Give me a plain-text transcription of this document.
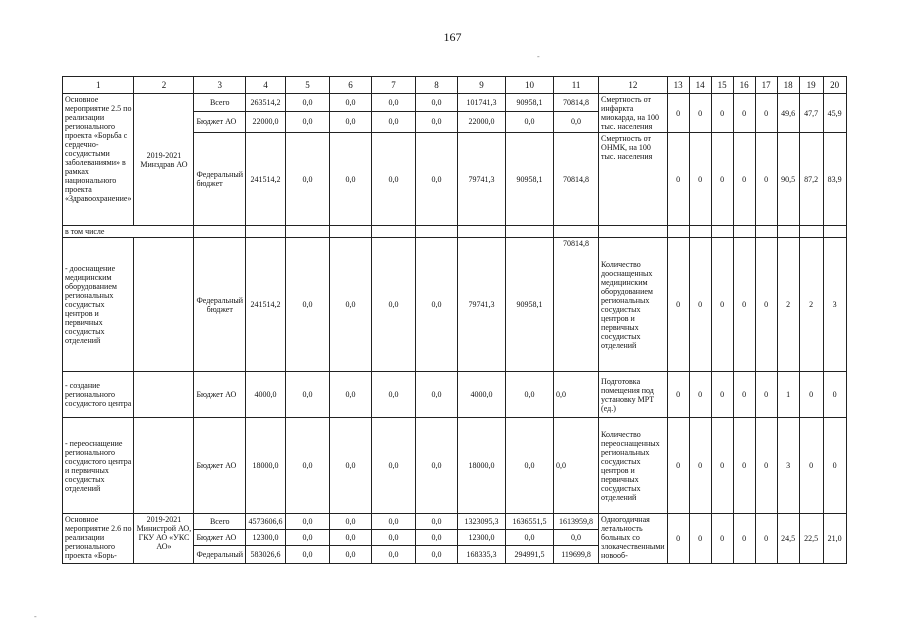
167
1	2	3	4	5	6	7	8	9	10	11	12	13	14	15	16	17	18	19	20
Основное мероприятие 2.5 по реализации регионального проекта «Борьба с сердечно-сосудистыми заболеваниями» в рамках национального проекта «Здравоохранение»	2019-2021 Минздрав АО	Всего	263514,2	0,0	0,0	0,0	0,0	101741,3	90958,1	70814,8	Смертность от инфаркта миокарда, на 100 тыс. населения	0	0	0	0	0	49,6	47,7	45,9
		Бюджет АО	22000,0	0,0	0,0	0,0	0,0	22000,0	0,0	0,0									
		Федеральный бюджет	241514,2	0,0	0,0	0,0	0,0	79741,3	90958,1	70814,8	Смертность от ОНМК, на 100 тыс. населения	0	0	0	0	0	90,5	87,2	83,9
в том числе																			
- дооснащение медицинским оборудованием региональных сосудистых центров и первичных сосудистых отделений		Федеральный бюджет	241514,2	0,0	0,0	0,0	0,0	79741,3	90958,1	70814,8	Количество дооснащенных медицинским оборудованием региональных сосудистых центров и первичных сосудистых отделений	0	0	0	0	0	2	2	3
- создание регионального сосудистого центра		Бюджет АО	4000,0	0,0	0,0	0,0	0,0	4000,0	0,0	0,0	Подготовка помещения под установку МРТ (ед.)	0	0	0	0	0	1	0	0
- переоснащение регионального сосудистого центра и первичных сосудистых отделений		Бюджет АО	18000,0	0,0	0,0	0,0	0,0	18000,0	0,0	0,0	Количество переоснащенных региональных сосудистых центров и первичных сосудистых отделений	0	0	0	0	0	3	0	0
Основное мероприятие 2.6 по реализации регионального проекта «Борь-	2019-2021 Министрой АО, ГКУ АО «УКС АО»	Всего	4573606,6	0,0	0,0	0,0	0,0	1323095,3	1636551,5	1613959,8	Одногодичная летальность больных со злокачественными новооб-	0	0	0	0	0	24,5	22,5	21,0
		Бюджет АО	12300,0	0,0	0,0	0,0	0,0	12300,0	0,0	0,0									
		Федеральный	583026,6	0,0	0,0	0,0	0,0	168335,3	294991,5	119699,8									
-
-
